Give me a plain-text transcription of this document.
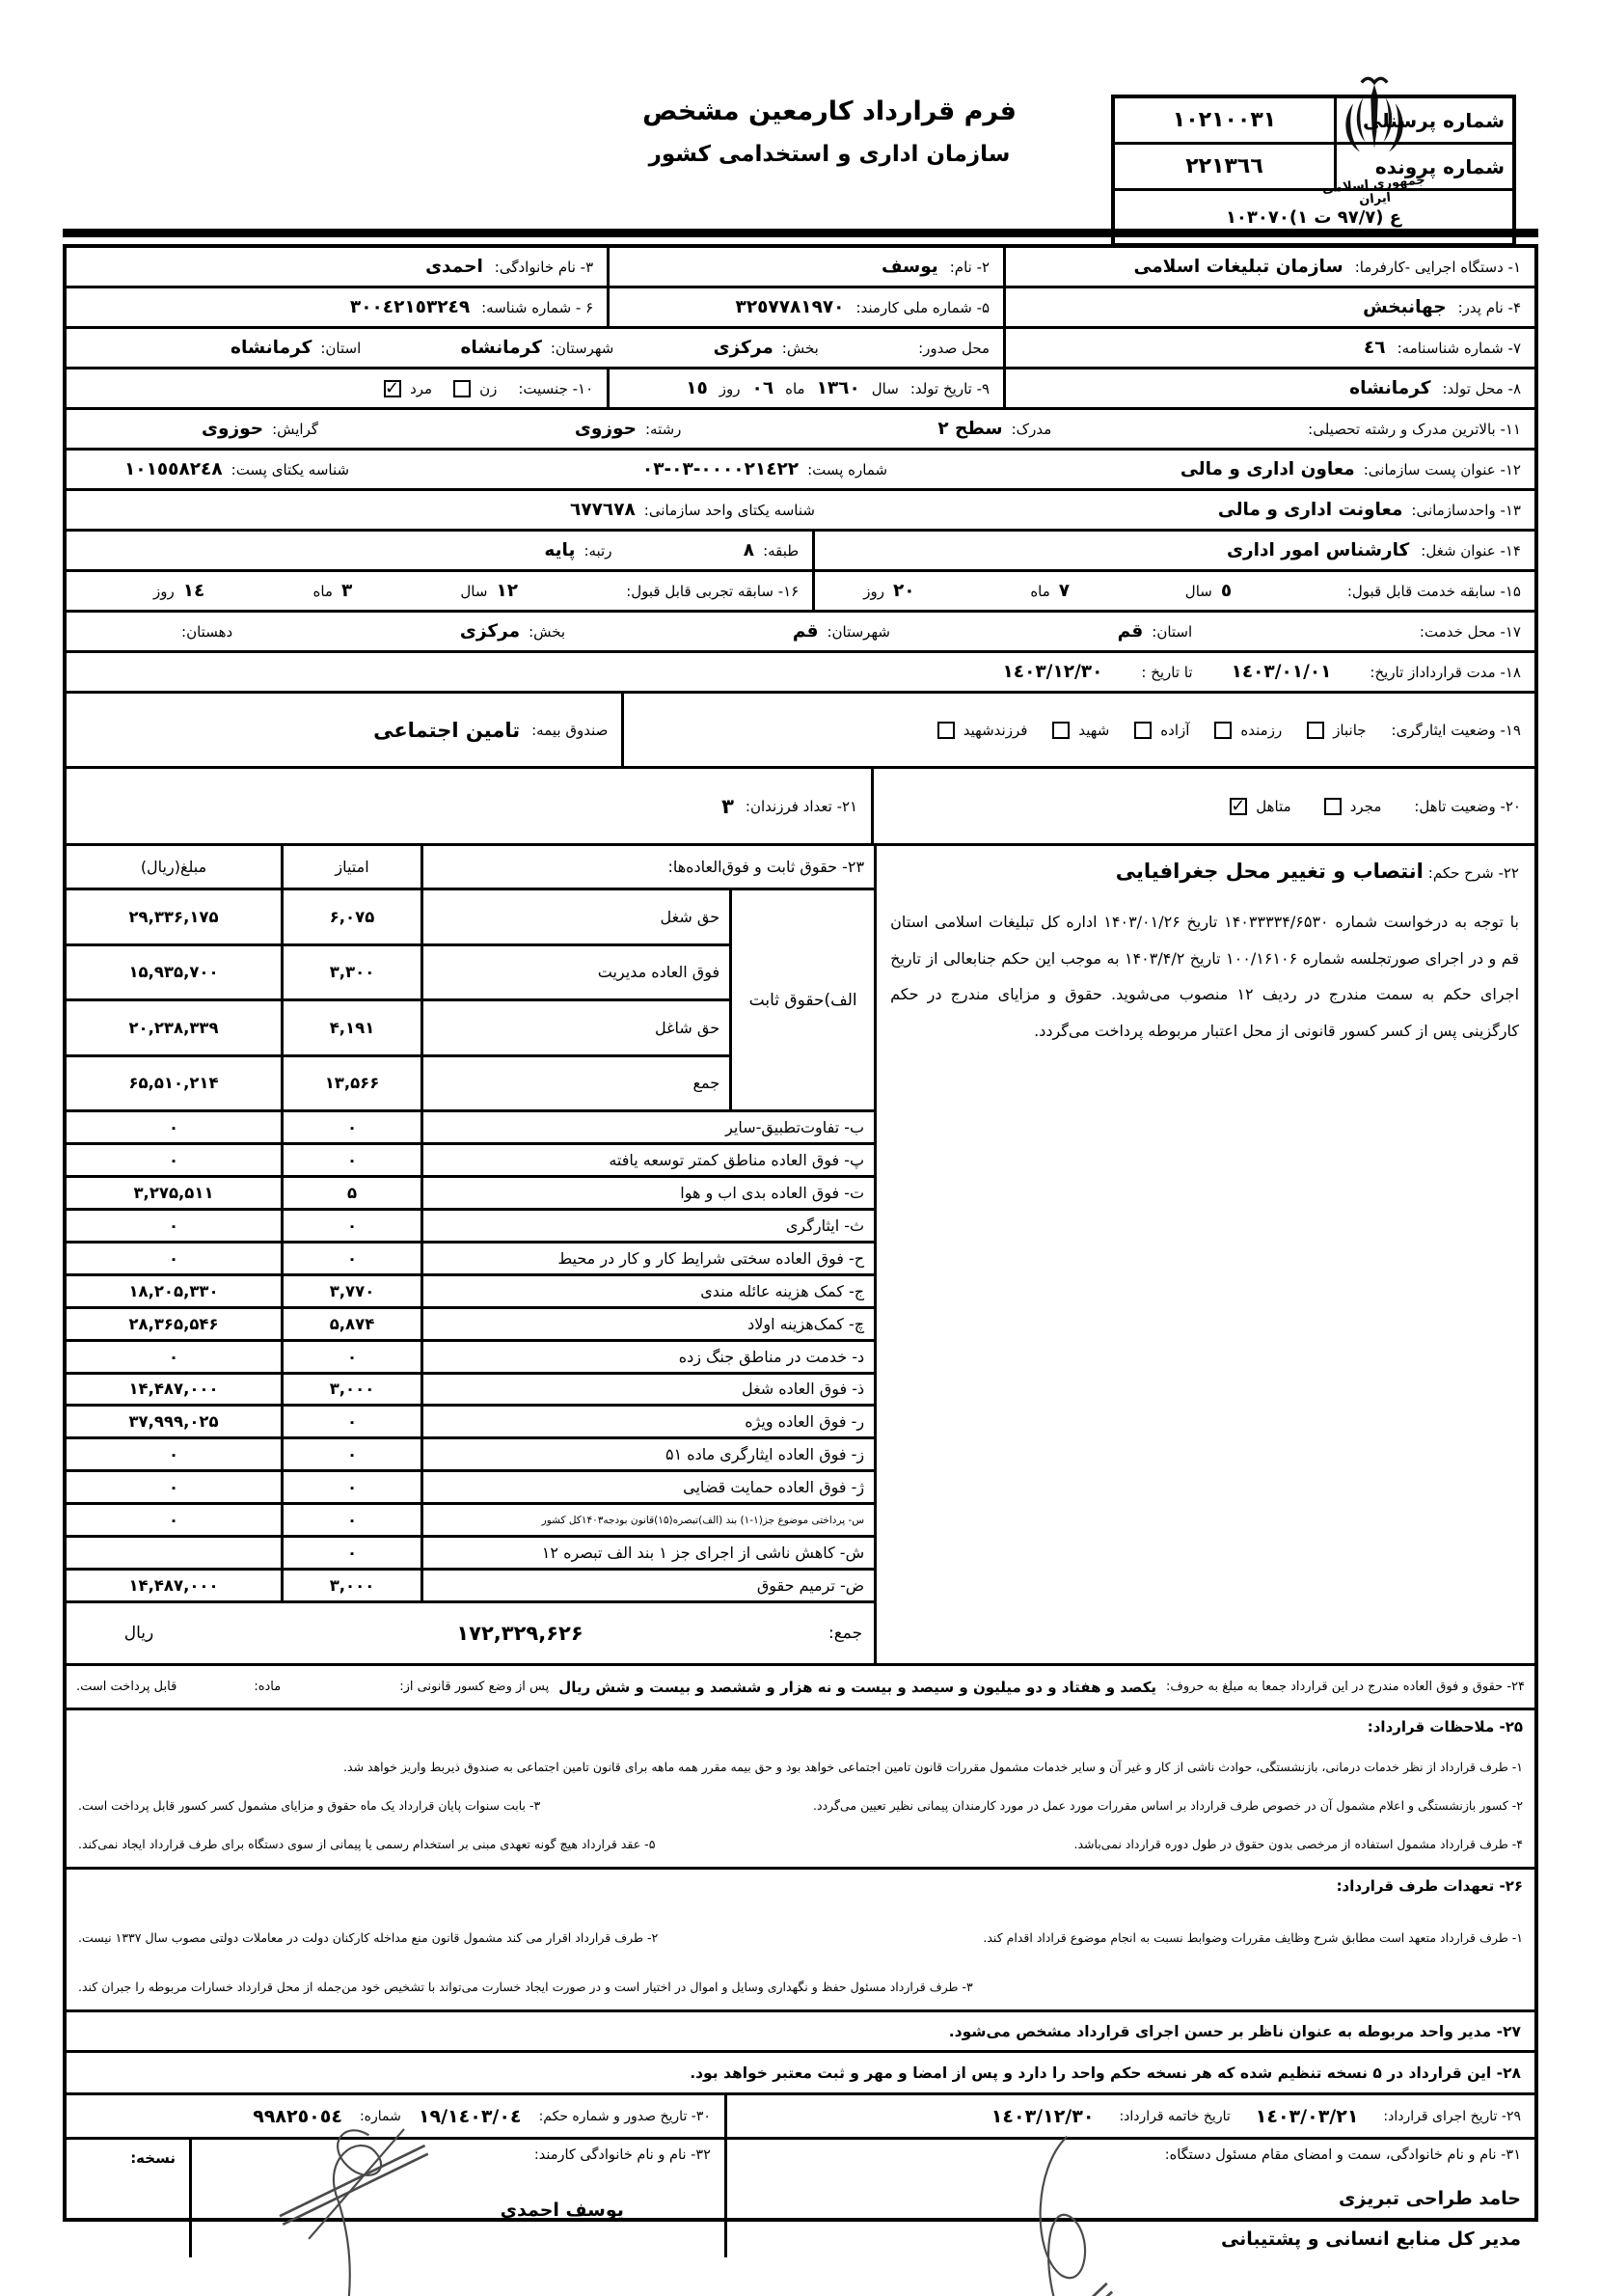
جمهوری اسلامی ایران
فرم قرارداد کارمعین مشخص
سازمان اداری و استخدامی کشور
شماره پرسنلی
۱۰۲۱۰۰۳۱
شماره پرونده
۲۲۱۳٦٦
ع (۹۷/۷ ت ۱)۱۰۳۰۷۰
۱- دستگاه اجرایی -کارفرما:
سازمان تبلیغات اسلامی
۲- نام:
یوسف
۳- نام خانوادگی:
احمدی
۴- نام پدر:
جهانبخش
۵- شماره ملی کارمند:
۳۲٥۷۷۸۱۹۷۰
۶ - شماره شناسه:
۳۰۰٤۲۱٥۳۲٤۹
۷- شماره شناسنامه:
٤٦
محل صدور:
بخش:
مرکزی
شهرستان:
کرمانشاه
استان:
کرمانشاه
۸- محل تولد:
کرمانشاه
۹- تاریخ تولد:
سال
۱۳٦۰
ماه
۰٦
روز
۱٥
۱۰- جنسیت:
زن
مرد
✓
۱۱- بالاترین مدرک و رشته تحصیلی:
مدرک:
سطح ۲
رشته:
حوزوی
گرایش:
حوزوی
۱۲- عنوان پست سازمانی:
معاون اداری و مالی
شماره پست:
۰۳-۰۳-۰۰۰۰۲۱٤۲۲
شناسه یکتای پست:
۱۰۱٥٥۸۲٤۸
۱۳- واحدسازمانی:
معاونت اداری و مالی
شناسه یکتای واحد سازمانی:
٦۷۷٦۷۸
۱۴- عنوان شغل:
کارشناس امور اداری
طبقه:
۸
رتبه:
پایه
۱۵- سابقه خدمت قابل قبول:
٥
سال
۷
ماه
۲۰
روز
۱۶- سابقه تجربی قابل قبول:
۱۲
سال
۳
ماه
۱٤
روز
۱۷- محل خدمت:
استان:
قم
شهرستان:
قم
بخش:
مرکزی
دهستان:
۱۸- مدت قرارداداز تاریخ:
۱٤۰۳/۰۱/۰۱
تا تاریخ :
۱٤۰۳/۱۲/۳۰
۱۹- وضعیت ایثارگری:
جانباز
رزمنده
آزاده
شهید
فرزندشهید
صندوق بیمه:
تامین اجتماعی
۲۰- وضعیت تاهل:
مجرد
متاهل
✓
۲۱- تعداد فرزندان:
۳
۲۲- شرح حکم: انتصاب و تغییر محل جغرافیایی
با توجه به درخواست شماره ۱۴۰۳۳۳۳۴/۶۵۳۰ تاریخ ۱۴۰۳/۰۱/۲۶ اداره کل تبلیغات اسلامی استان قم و در اجرای صورتجلسه شماره ۱۰۰/۱۶۱۰۶ تاریخ ۱۴۰۳/۴/۲ به موجب این حکم جنابعالی از تاریخ اجرای حکم به سمت مندرج در ردیف ۱۲ منصوب می‌شوید. حقوق و مزایای مندرج در حکم کارگزینی پس از کسر کسور قانونی از محل اعتبار مربوطه پرداخت می‌گردد.
۲۳- حقوق ثابت و فوق‌العاده‌ها:
امتیاز
مبلغ(ریال)
الف)حقوق ثابت
حق شغل
۶,۰۷۵
۲۹,۳۳۶,۱۷۵
فوق العاده مدیریت
۳,۳۰۰
۱۵,۹۳۵,۷۰۰
حق شاغل
۴,۱۹۱
۲۰,۲۳۸,۳۳۹
جمع
۱۳,۵۶۶
۶۵,۵۱۰,۲۱۴
ب- تفاوت‌تطبیق-سایر
۰
۰
پ- فوق العاده مناطق کمتر توسعه یافته
۰
۰
ت- فوق العاده بدی اب و هوا
۵
۳,۲۷۵,۵۱۱
ث- ایثارگری
۰
۰
ح- فوق العاده سختی شرایط کار و کار در محیط
۰
۰
ج- کمک هزینه عائله مندی
۳,۷۷۰
۱۸,۲۰۵,۳۳۰
چ- کمک‌هزینه اولاد
۵,۸۷۴
۲۸,۳۶۵,۵۴۶
د- خدمت در مناطق جنگ زده
۰
۰
ذ- فوق العاده شغل
۳,۰۰۰
۱۴,۴۸۷,۰۰۰
ر- فوق العاده ویژه
۰
۳۷,۹۹۹,۰۲۵
ز- فوق العاده ایثارگری ماده ۵۱
۰
۰
ژ- فوق العاده حمایت قضایی
۰
۰
س- پرداختی موضوع جز(۱-۱) بند (الف)تبصره(۱۵)قانون بودجه۱۴۰۳کل کشور
۰
۰
ش- کاهش ناشی از اجرای جز ۱ بند الف تبصره ۱۲
۰
ض- ترمیم حقوق
۳,۰۰۰
۱۴,۴۸۷,۰۰۰
جمع:
۱۷۲,۳۲۹,۶۲۶
ریال
۲۴- حقوق و فوق العاده مندرج در این قرارداد جمعا به مبلغ به حروف:
یکصد و هفتاد و دو میلیون و سیصد و بیست و نه هزار و ششصد و بیست و شش ریال
پس از وضع کسور قانونی از:
ماده:
قابل پرداخت است.
۲۵- ملاحظات قرارداد:
۱- طرف قرارداد از نظر خدمات درمانی، بازنشستگی، حوادث ناشی از کار و غیر آن و سایر خدمات مشمول مقررات قانون تامین اجتماعی خواهد بود و حق بیمه مقرر همه ماهه برای قانون تامین اجتماعی به صندوق ذیربط واریز خواهد شد.
۲- کسور بازنشستگی و اعلام مشمول آن در خصوص طرف قرارداد بر اساس مقررات مورد عمل در مورد کارمندان پیمانی نظیر تعیین می‌گردد.
۳- بابت سنوات پایان قرارداد یک ماه حقوق و مزایای مشمول کسر کسور قابل پرداخت است.
۴- طرف قرارداد مشمول استفاده از مرخصی بدون حقوق در طول دوره قرارداد نمی‌باشد.
۵- عقد قرارداد هیچ گونه تعهدی مبنی بر استخدام رسمی یا پیمانی از سوی دستگاه برای طرف قرارداد ایجاد نمی‌کند.
۲۶- تعهدات طرف قرارداد:
۱- طرف قرارداد متعهد است مطابق شرح وظایف مقررات وضوابط نسبت به انجام موضوع قراداد اقدام کند.
۲- طرف قرارداد اقرار می کند مشمول قانون منع مداخله کارکنان دولت در معاملات دولتی مصوب سال ۱۳۳۷ نیست.
۳- طرف قرارداد مسئول حفظ و نگهداری وسایل و اموال در اختیار است و در صورت ایجاد خسارت می‌تواند با تشخیص خود من‌جمله از محل قرارداد خسارات مربوطه را جبران کند.
۲۷- مدیر واحد مربوطه به عنوان ناظر بر حسن اجرای قرارداد مشخص می‌شود.
۲۸- این قرارداد در ۵ نسخه تنظیم شده که هر نسخه حکم واحد را دارد و پس از امضا و مهر و ثبت معتبر خواهد بود.
۲۹- تاریخ اجرای قرارداد:
۱٤۰۳/۰۳/۲۱
تاریخ خاتمه قرارداد:
۱٤۰۳/۱۲/۳۰
۳۰- تاریخ صدور و شماره حکم:
۱٤۰۳/۰٤/۱۹
شماره:
۹۹۸۲٥۰٥٤
۳۱- نام و نام خانوادگی، سمت و امضای مقام مسئول دستگاه:
حامد طراحی تبریزی
مدیر کل منابع انسانی و پشتیبانی
۳۲- نام و نام خانوادگی کارمند:
یوسف احمدی
نسخه:
